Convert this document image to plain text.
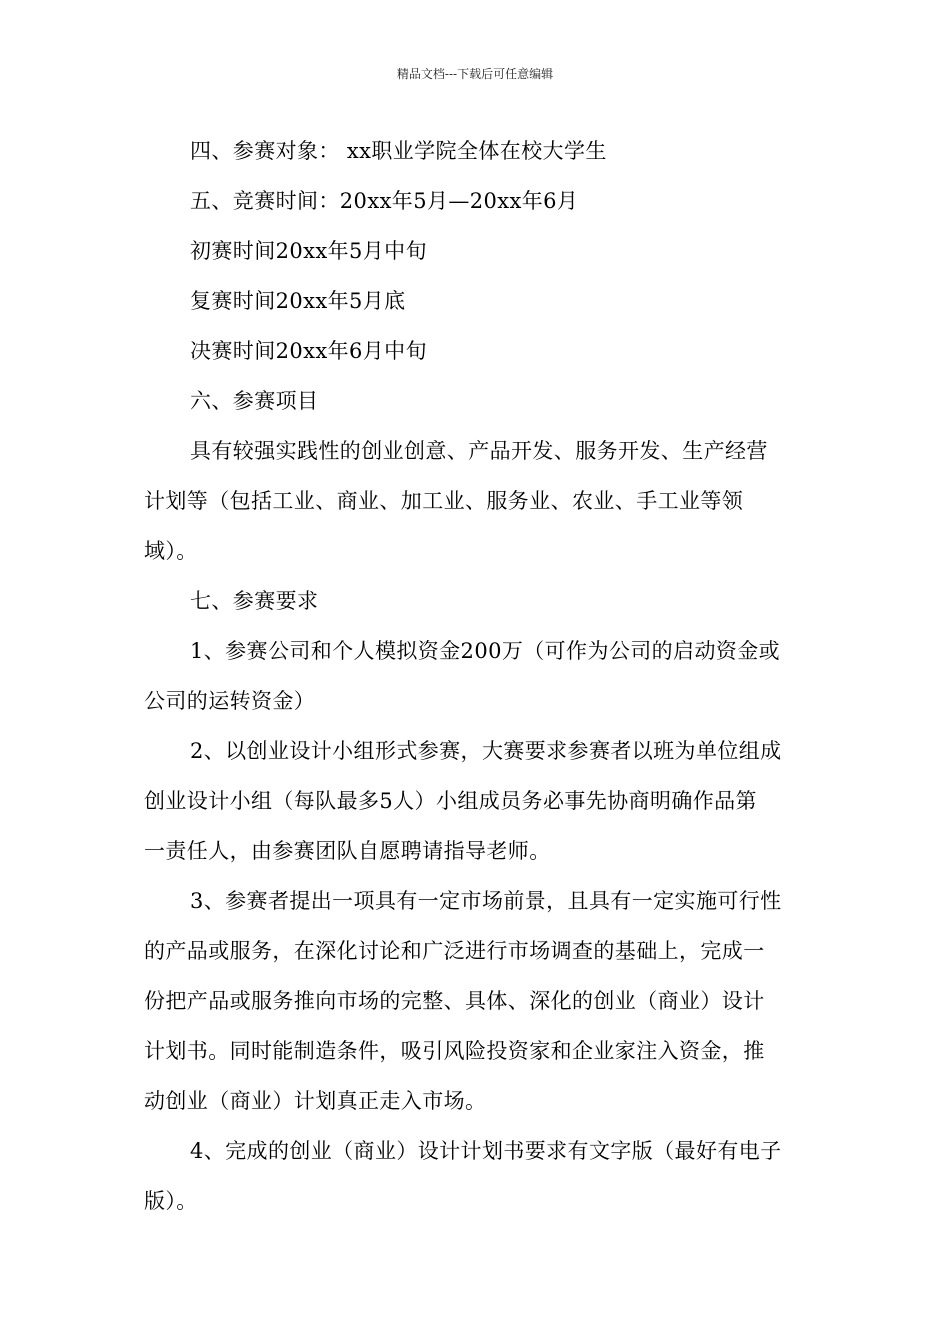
精品文档---下载后可任意编辑
四、参赛对象： xx职业学院全体在校大学生
五、竞赛时间：20xx年5月—20xx年6月
初赛时间20xx年5月中旬
复赛时间20xx年5月底
决赛时间20xx年6月中旬
六、参赛项目
具有较强实践性的创业创意、产品开发、服务开发、生产经营
计划等（包括工业、商业、加工业、服务业、农业、手工业等领
域）。
七、参赛要求
1、参赛公司和个人模拟资金200万（可作为公司的启动资金或
公司的运转资金）
2、以创业设计小组形式参赛，大赛要求参赛者以班为单位组成
创业设计小组（每队最多5人）小组成员务必事先协商明确作品第
一责任人，由参赛团队自愿聘请指导老师。
3、参赛者提出一项具有一定市场前景，且具有一定实施可行性
的产品或服务，在深化讨论和广泛进行市场调查的基础上，完成一
份把产品或服务推向市场的完整、具体、深化的创业（商业）设计
计划书。同时能制造条件，吸引风险投资家和企业家注入资金，推
动创业（商业）计划真正走入市场。
4、完成的创业（商业）设计计划书要求有文字版（最好有电子
版）。
